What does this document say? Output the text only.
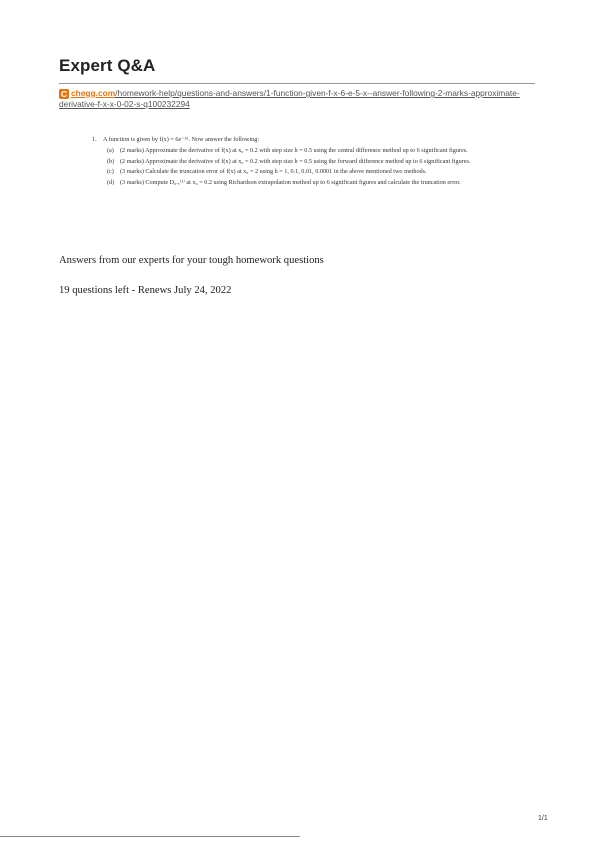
Expert Q&A
C chegg.com/homework-help/questions-and-answers/1-function-given-f-x-6-e-5-x--answer-following-2-marks-approximate-derivative-f-x-x-0-02-s-q100232294
1. A function is given by f(x) = 6e⁻⁵ˣ. Now answer the following:
(a) (2 marks) Approximate the derivative of f(x) at x₀ = 0.2 with step size h = 0.5 using the central difference method up to 6 significant figures.
(b) (2 marks) Approximate the derivative of f(x) at x₀ = 0.2 with step size h = 0.5 using the forward difference method up to 6 significant figures.
(c) (3 marks) Calculate the truncation error of f(x) at x₀ = 2 using h = 1, 0.1, 0.01, 0.0001 in the above mentioned two methods.
(d) (3 marks) Compute D₀.₅⁽¹⁾ at x₀ = 0.2 using Richardson extrapolation method up to 6 significant figures and calculate the truncation error.
Answers from our experts for your tough homework questions
19 questions left - Renews July 24, 2022
1/1
